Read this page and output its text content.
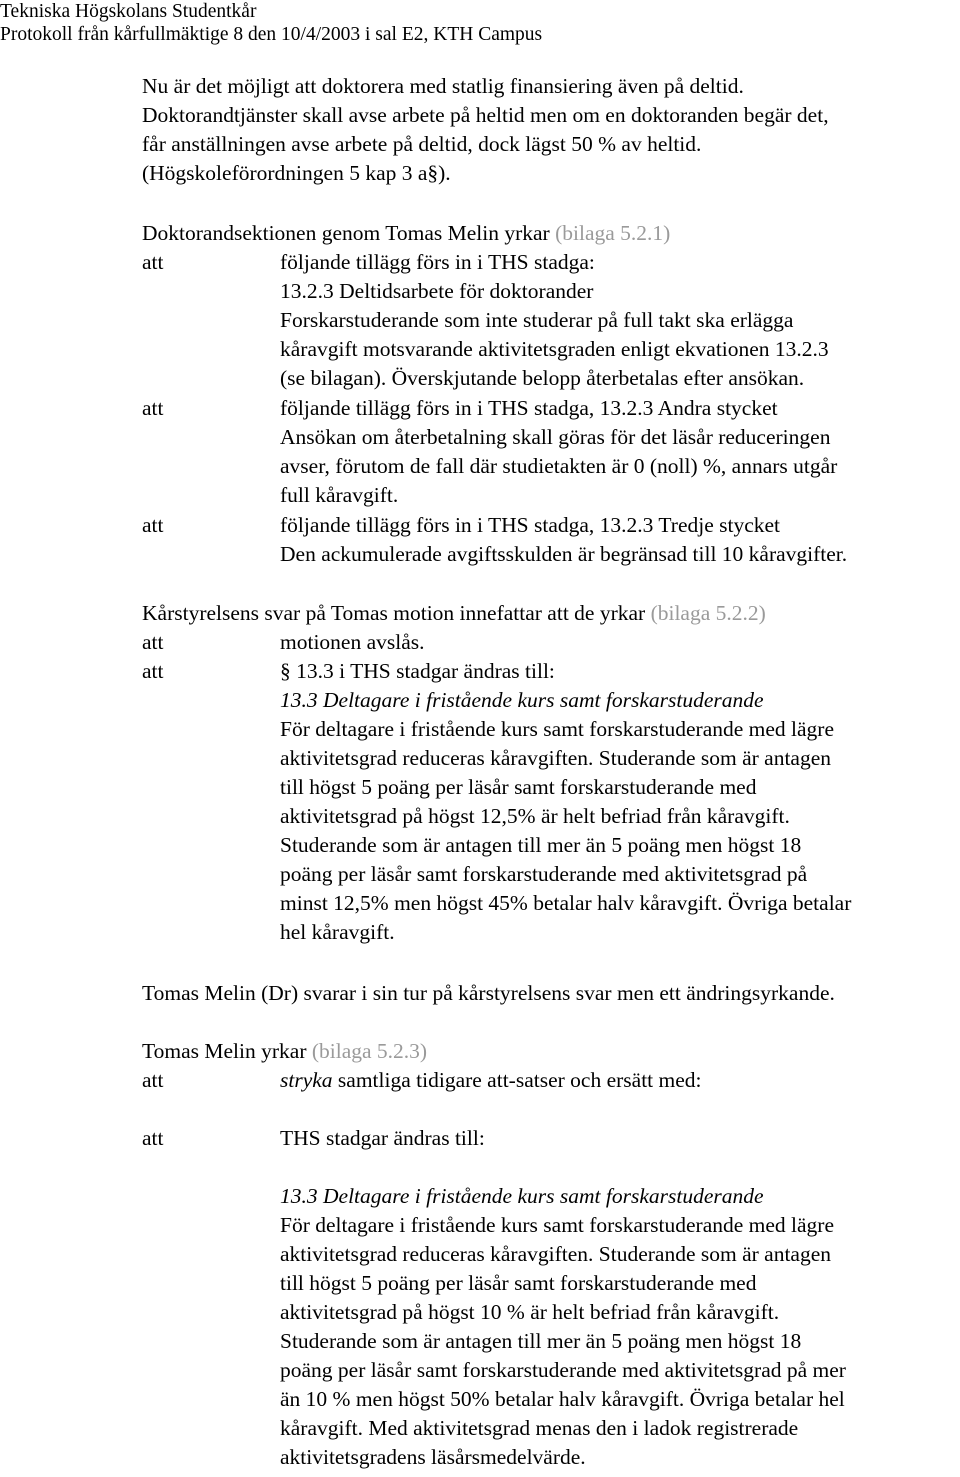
Tekniska Högskolans Studentkår
Protokoll från kårfullmäktige 8 den 10/4/2003 i sal E2, KTH Campus
Nu är det möjligt att doktorera med statlig finansiering även på deltid.
Doktorandtjänster skall avse arbete på heltid men om en doktoranden begär det,
får anställningen avse arbete på deltid, dock lägst 50 % av heltid.
(Högskoleförordningen 5 kap 3 a§).
Doktorandsektionen genom Tomas Melin yrkar (bilaga 5.2.1)
att	följande tillägg förs in i THS stadga:
13.2.3 Deltidsarbete för doktorander
Forskarstuderande som inte studerar på full takt ska erlägga
kåravgift motsvarande aktivitetsgraden enligt ekvationen 13.2.3
(se bilagan). Överskjutande belopp återbetalas efter ansökan.
att	följande tillägg förs in i THS stadga, 13.2.3 Andra stycket
Ansökan om återbetalning skall göras för det läsår reduceringen
avser, förutom de fall där studietakten är 0 (noll) %, annars utgår
full kåravgift.
att	följande tillägg förs in i THS stadga, 13.2.3 Tredje stycket
Den ackumulerade avgiftsskulden är begränsad till 10 kåravgifter.
Kårstyrelsens svar på Tomas motion innefattar att de yrkar (bilaga 5.2.2)
att	motionen avslås.
att	§ 13.3 i THS stadgar ändras till:
13.3 Deltagare i fristående kurs samt forskarstuderande
För deltagare i fristående kurs samt forskarstuderande med lägre
aktivitetsgrad reduceras kåravgiften. Studerande som är antagen
till högst 5 poäng per läsår samt forskarstuderande med
aktivitetsgrad på högst 12,5% är helt befriad från kåravgift.
Studerande som är antagen till mer än 5 poäng men högst 18
poäng per läsår samt forskarstuderande med aktivitetsgrad på
minst 12,5% men högst 45% betalar halv kåravgift. Övriga betalar
hel kåravgift.
Tomas Melin (Dr) svarar i sin tur på kårstyrelsens svar men ett ändringsyrkande.
Tomas Melin yrkar (bilaga 5.2.3)
att	stryka samtliga tidigare att-satser och ersätt med:
att	THS stadgar ändras till:
13.3 Deltagare i fristående kurs samt forskarstuderande
För deltagare i fristående kurs samt forskarstuderande med lägre
aktivitetsgrad reduceras kåravgiften. Studerande som är antagen
till högst 5 poäng per läsår samt forskarstuderande med
aktivitetsgrad på högst 10 % är helt befriad från kåravgift.
Studerande som är antagen till mer än 5 poäng men högst 18
poäng per läsår samt forskarstuderande med aktivitetsgrad på mer
än 10 % men högst 50% betalar halv kåravgift. Övriga betalar hel
kåravgift. Med aktivitetsgrad menas den i ladok registrerade
aktivitetsgradens läsårsmedelvärde.
